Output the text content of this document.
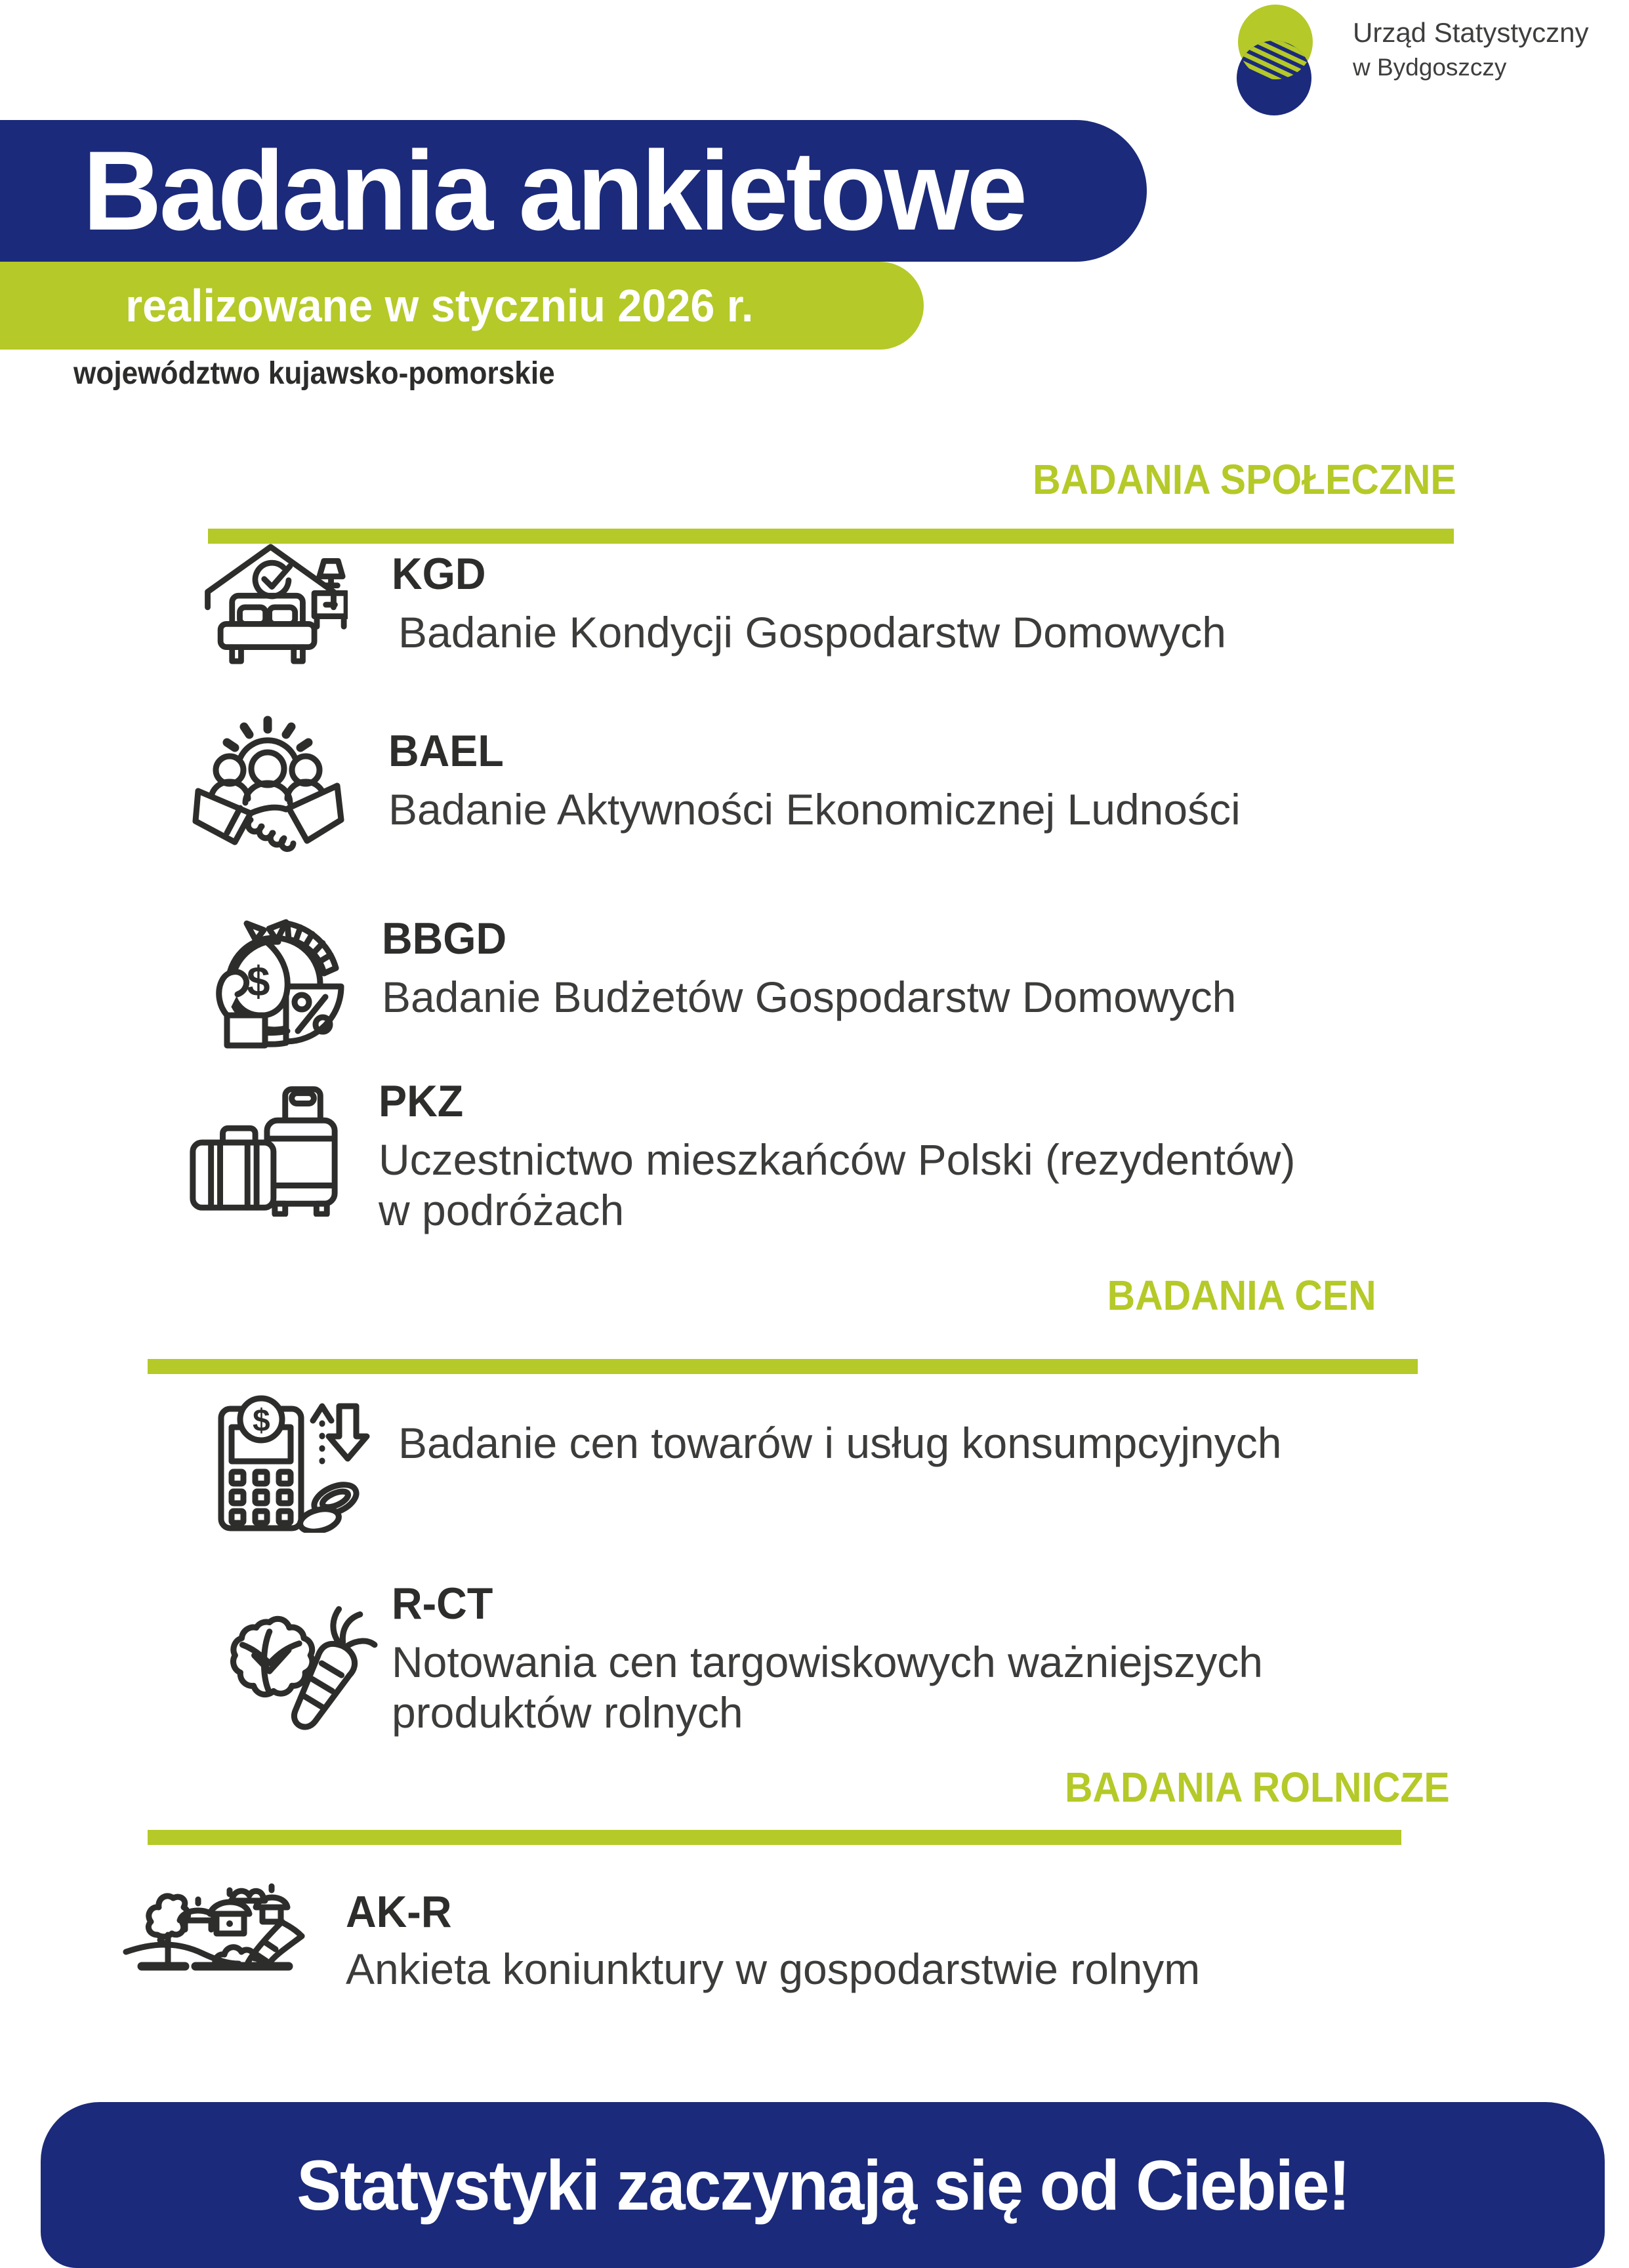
Urząd Statystyczny
w Bydgoszczy
Badania ankietowe
realizowane w styczniu 2026 r.
województwo kujawsko-pomorskie
BADANIA SPOŁECZNE
KGD
Badanie Kondycji Gospodarstw Domowych
BAEL
Badanie Aktywności Ekonomicznej Ludności
$
BBGD
Badanie Budżetów Gospodarstw Domowych
PKZ
Uczestnictwo mieszkańców Polski (rezydentów)
w podróżach
BADANIA CEN
$	Badanie cen towarów i usług konsumpcyjnych
R-CT
Notowania cen targowiskowych ważniejszych
produktów rolnych
BADANIA ROLNICZE
AK-R
Ankieta koniunktury w gospodarstwie rolnym
Statystyki zaczynają się od Ciebie!
